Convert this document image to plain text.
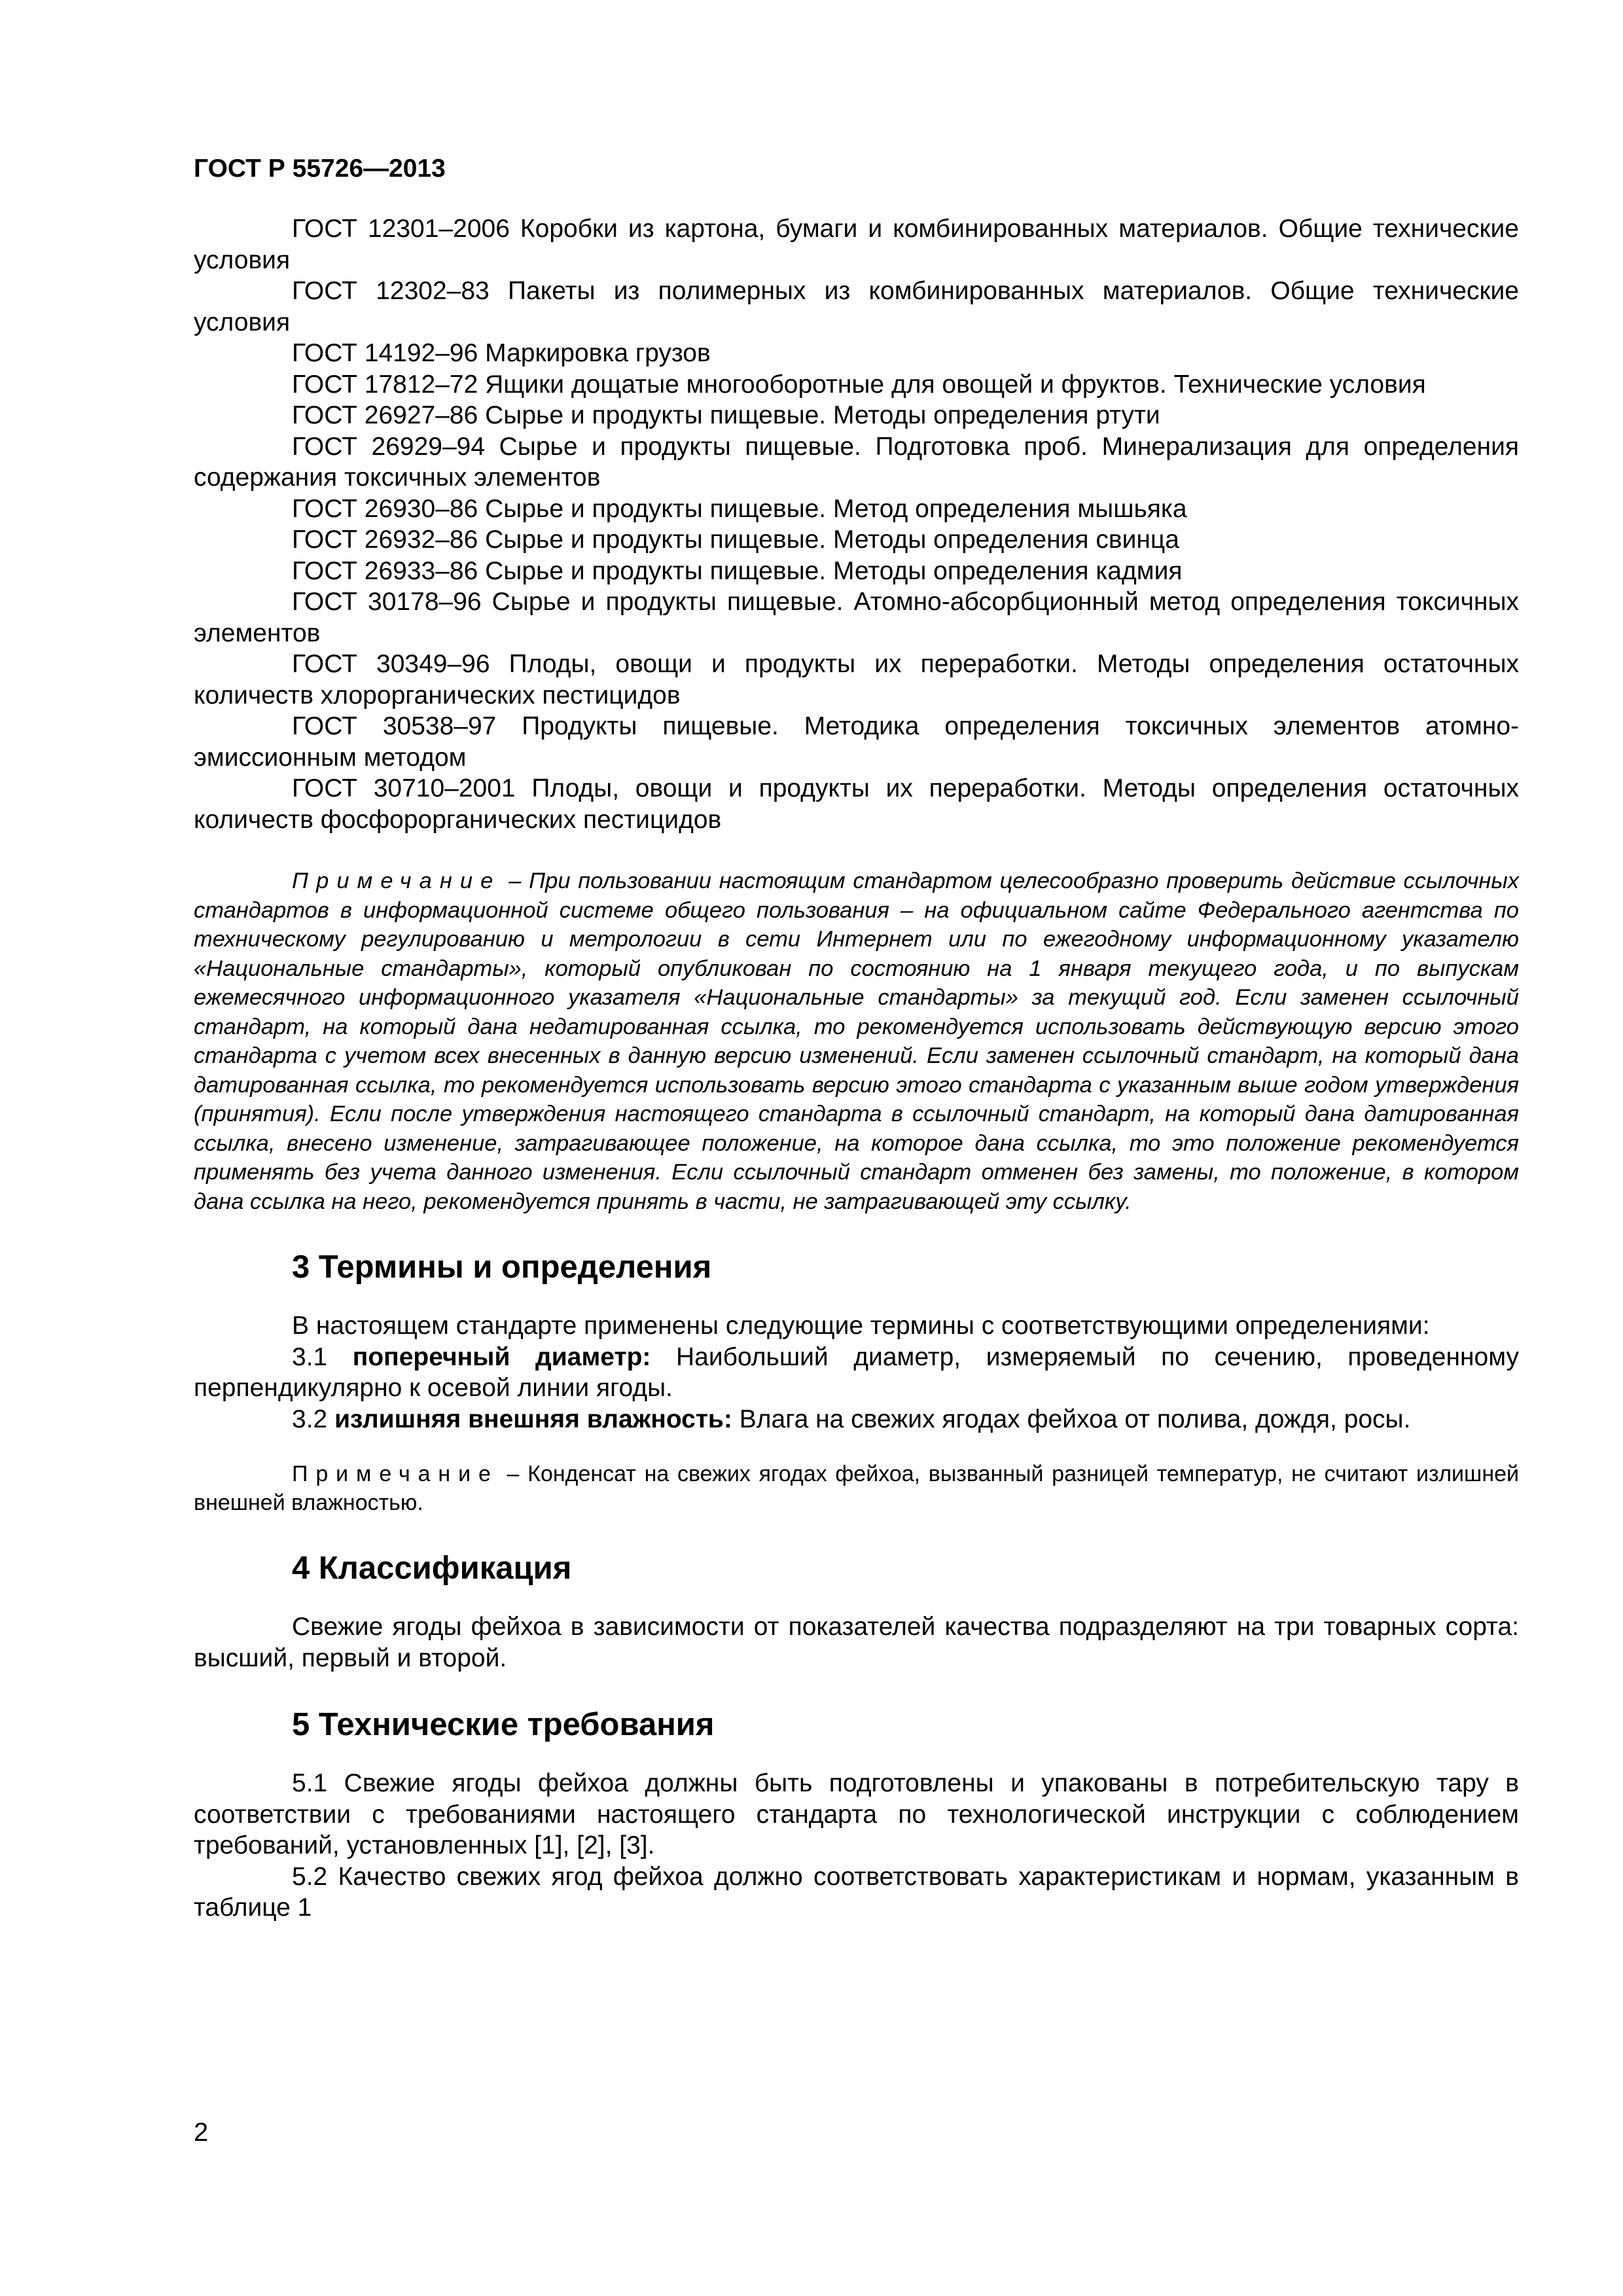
ГОСТ Р 55726—2013

ГОСТ 12301–2006 Коробки из картона, бумаги и комбинированных материалов. Общие технические условия

ГОСТ 12302–83 Пакеты из полимерных из комбинированных материалов. Общие технические условия

ГОСТ 14192–96 Маркировка грузов

ГОСТ 17812–72 Ящики дощатые многооборотные для овощей и фруктов. Технические условия

ГОСТ 26927–86 Сырье и продукты пищевые. Методы определения ртути

ГОСТ 26929–94 Сырье и продукты пищевые. Подготовка проб. Минерализация для определения содержания токсичных элементов

ГОСТ 26930–86 Сырье и продукты пищевые. Метод определения мышьяка

ГОСТ 26932–86 Сырье и продукты пищевые. Методы определения свинца

ГОСТ 26933–86 Сырье и продукты пищевые. Методы определения кадмия

ГОСТ 30178–96 Сырье и продукты пищевые. Атомно-абсорбционный метод определения токсичных элементов

ГОСТ 30349–96 Плоды, овощи и продукты их переработки. Методы определения остаточных количеств хлорорганических пестицидов

ГОСТ 30538–97 Продукты пищевые. Методика определения токсичных элементов атомно-эмиссионным методом

ГОСТ 30710–2001 Плоды, овощи и продукты их переработки. Методы определения остаточных количеств фосфорорганических пестицидов

Примечание – При пользовании настоящим стандартом целесообразно проверить действие ссылочных стандартов в информационной системе общего пользования – на официальном сайте Федерального агентства по техническому регулированию и метрологии в сети Интернет или по ежегодному информационному указателю «Национальные стандарты», который опубликован по состоянию на 1 января текущего года, и по выпускам ежемесячного информационного указателя «Национальные стандарты» за текущий год. Если заменен ссылочный стандарт, на который дана недатированная ссылка, то рекомендуется использовать действующую версию этого стандарта с учетом всех внесенных в данную версию изменений. Если заменен ссылочный стандарт, на который дана датированная ссылка, то рекомендуется использовать версию этого стандарта с указанным выше годом утверждения (принятия). Если после утверждения настоящего стандарта в ссылочный стандарт, на который дана датированная ссылка, внесено изменение, затрагивающее положение, на которое дана ссылка, то это положение рекомендуется применять без учета данного изменения. Если ссылочный стандарт отменен без замены, то положение, в котором дана ссылка на него, рекомендуется принять в части, не затрагивающей эту ссылку.

3 Термины и определения

В настоящем стандарте применены следующие термины с соответствующими определениями:

3.1 поперечный диаметр: Наибольший диаметр, измеряемый по сечению, проведенному перпендикулярно к осевой линии ягоды.

3.2 излишняя внешняя влажность: Влага на свежих ягодах фейхоа от полива, дождя, росы.

Примечание – Конденсат на свежих ягодах фейхоа, вызванный разницей температур, не считают излишней внешней влажностью.

4 Классификация

Свежие ягоды фейхоа в зависимости от показателей качества подразделяют на три товарных сорта: высший, первый и второй.

5 Технические требования

5.1 Свежие ягоды фейхоа должны быть подготовлены и упакованы в потребительскую тару в соответствии с требованиями настоящего стандарта по технологической инструкции с соблюдением требований, установленных [1], [2], [3].

5.2 Качество свежих ягод фейхоа должно соответствовать характеристикам и нормам, указанным в таблице 1

2
